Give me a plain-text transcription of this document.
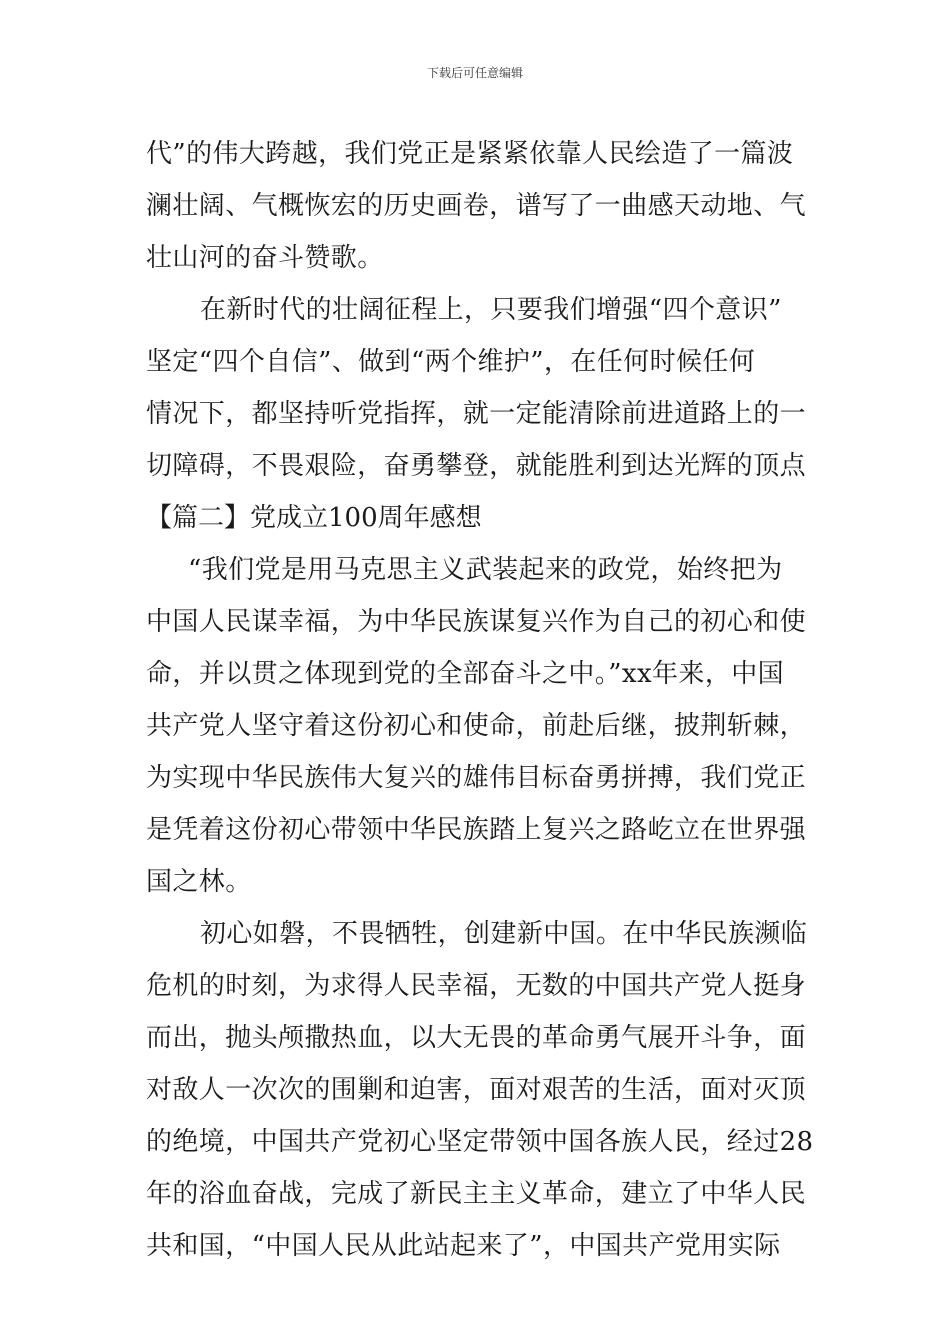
下载后可任意编辑
代”的伟大跨越，我们党正是紧紧依靠人民绘造了一篇波
澜壮阔、气概恢宏的历史画卷，谱写了一曲感天动地、气
壮山河的奋斗赞歌。
在新时代的壮阔征程上，只要我们增强“四个意识”
坚定“四个自信”、做到“两个维护”，在任何时候任何
情况下，都坚持听党指挥，就一定能清除前进道路上的一
切障碍，不畏艰险，奋勇攀登，就能胜利到达光辉的顶点
【篇二】党成立100周年感想
“我们党是用马克思主义武装起来的政党，始终把为
中国人民谋幸福，为中华民族谋复兴作为自己的初心和使
命，并以贯之体现到党的全部奋斗之中。”xx年来，中国
共产党人坚守着这份初心和使命，前赴后继，披荆斩棘，
为实现中华民族伟大复兴的雄伟目标奋勇拼搏，我们党正
是凭着这份初心带领中华民族踏上复兴之路屹立在世界强
国之林。
初心如磐，不畏牺牲，创建新中国。在中华民族濒临
危机的时刻，为求得人民幸福，无数的中国共产党人挺身
而出，抛头颅撒热血，以大无畏的革命勇气展开斗争，面
对敌人一次次的围剿和迫害，面对艰苦的生活，面对灭顶
的绝境，中国共产党初心坚定带领中国各族人民，经过28
年的浴血奋战，完成了新民主主义革命，建立了中华人民
共和国，“中国人民从此站起来了”，中国共产党用实际
